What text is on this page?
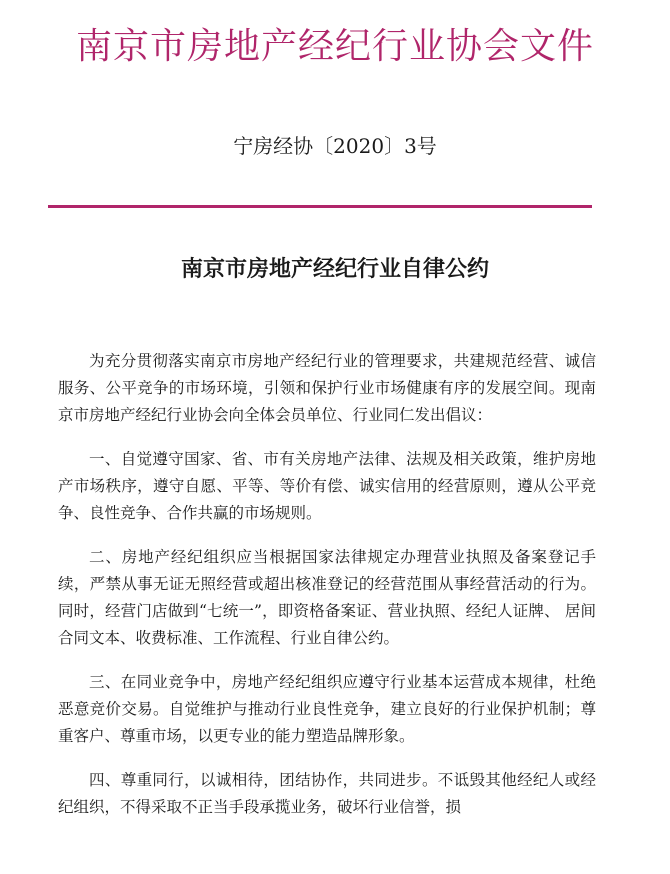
南京市房地产经纪行业协会文件
宁房经协〔2020〕3号
南京市房地产经纪行业自律公约

为充分贯彻落实南京市房地产经纪行业的管理要求，共建规范经营、诚信服务、公平竞争的市场环境，引领和保护行业市场健康有序的发展空间。现南京市房地产经纪行业协会向全体会员单位、行业同仁发出倡议：

一、自觉遵守国家、省、市有关房地产法律、法规及相关政策，维护房地产市场秩序，遵守自愿、平等、等价有偿、诚实信用的经营原则，遵从公平竞争、良性竞争、合作共赢的市场规则。

二、房地产经纪组织应当根据国家法律规定办理营业执照及备案登记手续，严禁从事无证无照经营或超出核准登记的经营范围从事经营活动的行为。同时，经营门店做到“七统一”，即资格备案证、营业执照、经纪人证牌、 居间合同文本、收费标准、工作流程、行业自律公约。

三、在同业竞争中，房地产经纪组织应遵守行业基本运营成本规律，杜绝恶意竞价交易。自觉维护与推动行业良性竞争，建立良好的行业保护机制；尊重客户、尊重市场，以更专业的能力塑造品牌形象。

四、尊重同行，以诚相待，团结协作，共同进步。不诋毁其他经纪人或经纪组织，不得采取不正当手段承揽业务，破坏行业信誉，损
